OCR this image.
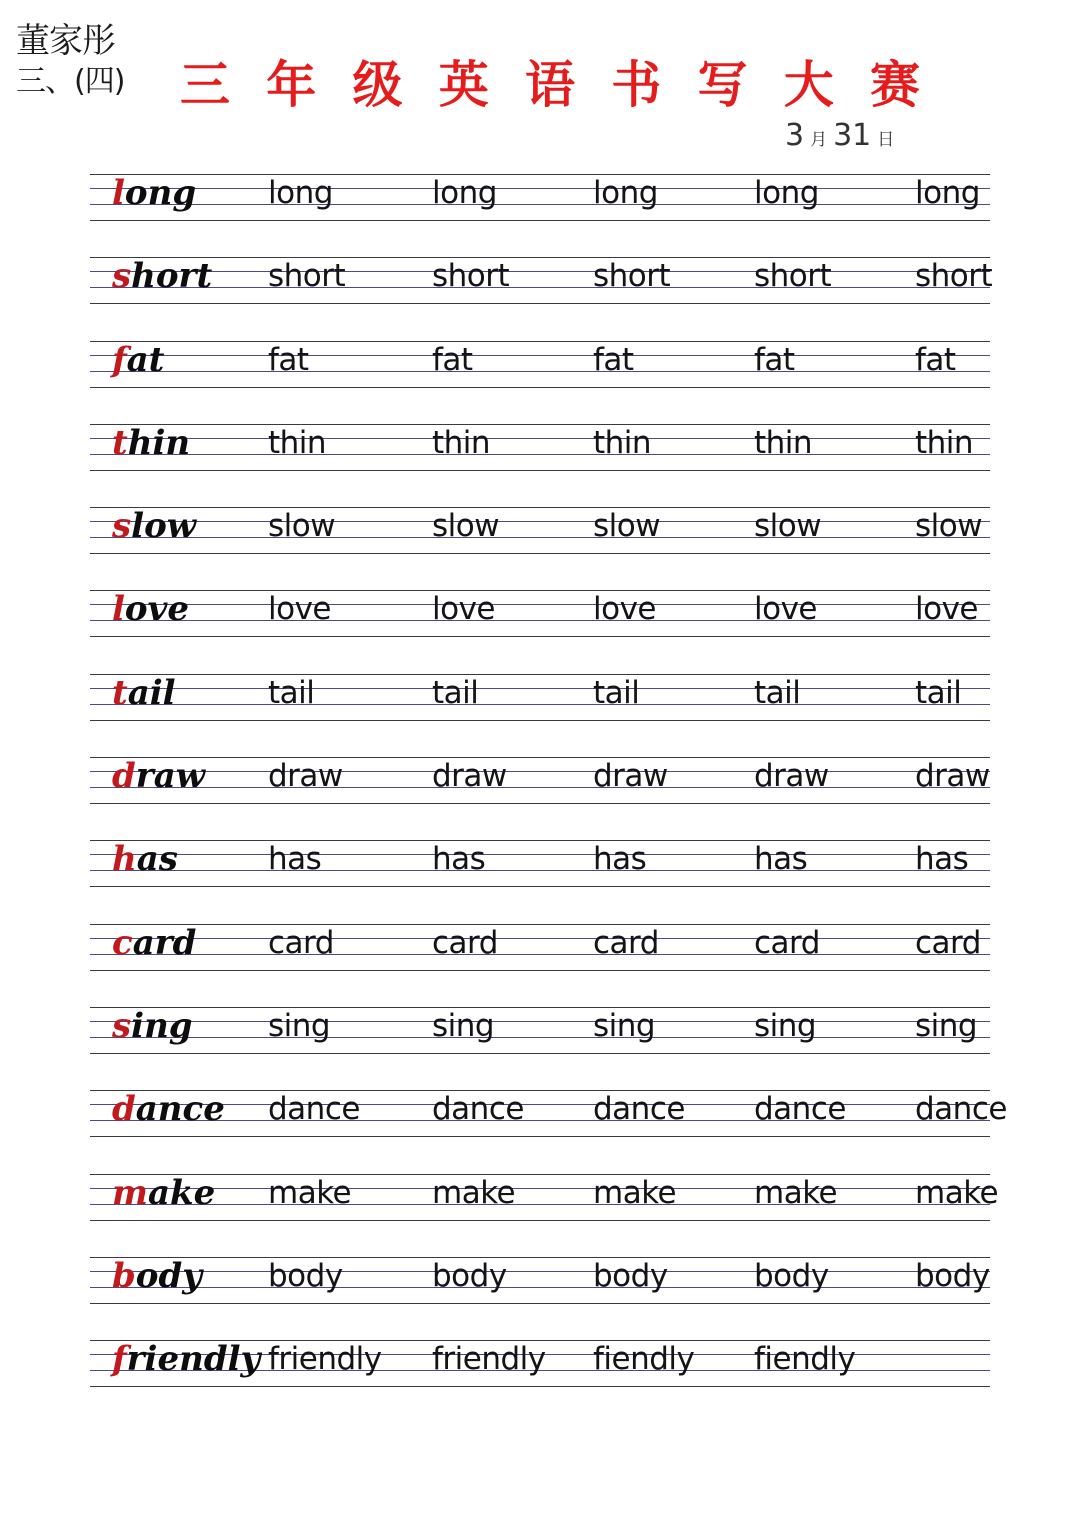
董家彤
三、(四) 三 年 级 英 语 书 写 大 赛
3 月 31 日
long long	long	long	long	long
short short	short	short	short	short
fat	fat	fat	fat	fat	fat
thin	thin	thin	thin	thin	thin
slow slow	slow	slow	slow	slow
love	love	love	love	love	love
tail	tail	tail	tail	tail	tail
draw draw	draw	draw	draw	draw
has	has	has	has	has	has
card card	card	card	card	card
sing sing	sing	sing	sing	sing
dance dance dance dance dance dance
make make	make	make	make	make
body body	body	body	body	body
friendly friendly friendly fiendly fiendly
